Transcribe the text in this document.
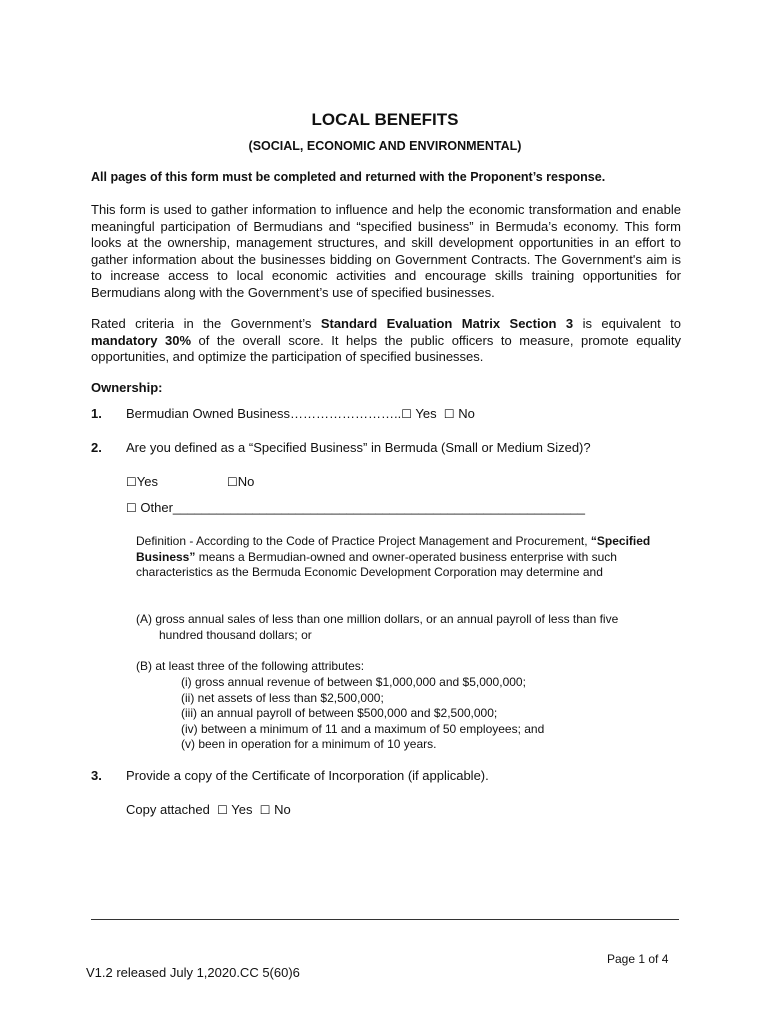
LOCAL BENEFITS
(SOCIAL, ECONOMIC AND ENVIRONMENTAL)
All pages of this form must be completed and returned with the Proponent’s response.
This form is used to gather information to influence and help the economic transformation and enable meaningful participation of Bermudians and “specified business” in Bermuda’s economy. This form looks at the ownership, management structures, and skill development opportunities in an effort to gather information about the businesses bidding on Government Contracts. The Government's aim is to increase access to local economic activities and encourage skills training opportunities for Bermudians along with the Government’s use of specified businesses.
Rated criteria in the Government’s Standard Evaluation Matrix Section 3 is equivalent to mandatory 30% of the overall score. It helps the public officers to measure, promote equality opportunities, and optimize the participation of specified businesses.
Ownership:
1. Bermudian Owned Business……………………..☐ Yes ☐ No
2. Are you defined as a “Specified Business” in Bermuda (Small or Medium Sized)?
☐Yes	☐No
☐ Other_________________________________________________________
Definition - According to the Code of Practice Project Management and Procurement, “Specified Business” means a Bermudian-owned and owner-operated business enterprise with such characteristics as the Bermuda Economic Development Corporation may determine and
(A) gross annual sales of less than one million dollars, or an annual payroll of less than five
hundred thousand dollars; or
(B) at least three of the following attributes:
(i) gross annual revenue of between $1,000,000 and $5,000,000;
(ii) net assets of less than $2,500,000;
(iii) an annual payroll of between $500,000 and $2,500,000;
(iv) between a minimum of 11 and a maximum of 50 employees; and
(v) been in operation for a minimum of 10 years.
3. Provide a copy of the Certificate of Incorporation (if applicable).
Copy attached ☐ Yes ☐ No
Page 1 of 4
V1.2 released July 1,2020.CC 5(60)6
